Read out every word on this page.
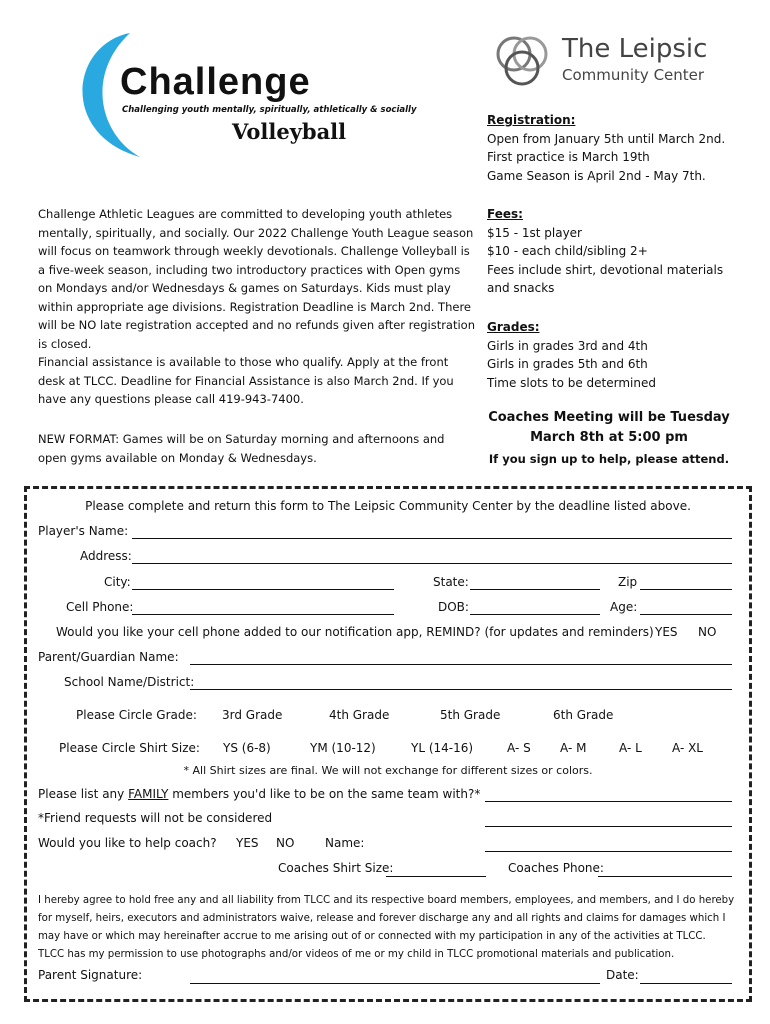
Challenge
Challenging youth mentally, spiritually, athletically & socially
Volleyball
The Leipsic
Community Center
Registration:
Open from January 5th until March 2nd.
First practice is March 19th
Game Season is April 2nd - May 7th.
Fees:
$15 - 1st player
$10 - each child/sibling 2+
Fees include shirt, devotional materials
and snacks
Grades:
Girls in grades 3rd and 4th
Girls in grades 5th and 6th
Time slots to be determined
Coaches Meeting will be Tuesday
March 8th at 5:00 pm
If you sign up to help, please attend.
Challenge Athletic Leagues are committed to developing youth athletes
mentally, spiritually, and socially. Our 2022 Challenge Youth League season
will focus on teamwork through weekly devotionals. Challenge Volleyball is
a five-week season, including two introductory practices with Open gyms
on Mondays and/or Wednesdays & games on Saturdays. Kids must play
within appropriate age divisions. Registration Deadline is March 2nd. There
will be NO late registration accepted and no refunds given after registration
is closed.
Financial assistance is available to those who qualify. Apply at the front
desk at TLCC. Deadline for Financial Assistance is also March 2nd. If you
have any questions please call 419-943-7400.
NEW FORMAT: Games will be on Saturday morning and afternoons and
open gyms available on Monday & Wednesdays.
Please complete and return this form to The Leipsic Community Center by the deadline listed above.
Player's Name:
Address:
City:	State:	Zip
Cell Phone:	DOB:	Age:
Would you like your cell phone added to our notification app, REMIND? (for updates and reminders) YES NO
Parent/Guardian Name:
School Name/District:
Please Circle Grade: 3rd Grade	4th Grade	5th Grade	6th Grade
Please Circle Shirt Size: YS (6-8)	YM (10-12)	YL (14-16)	A- S A- M	A- L	A- XL
* All Shirt sizes are final. We will not exchange for different sizes or colors.
Please list any FAMILY members you'd like to be on the same team with?*
*Friend requests will not be considered
Would you like to help coach? YES NO	Name:
Coaches Shirt Size:	Coaches Phone:
I hereby agree to hold free any and all liability from TLCC and its respective board members, employees, and members, and I do hereby
for myself, heirs, executors and administrators waive, release and forever discharge any and all rights and claims for damages which I
may have or which may hereinafter accrue to me arising out of or connected with my participation in any of the activities at TLCC.
TLCC has my permission to use photographs and/or videos of me or my child in TLCC promotional materials and publication.
Parent Signature:	Date:
